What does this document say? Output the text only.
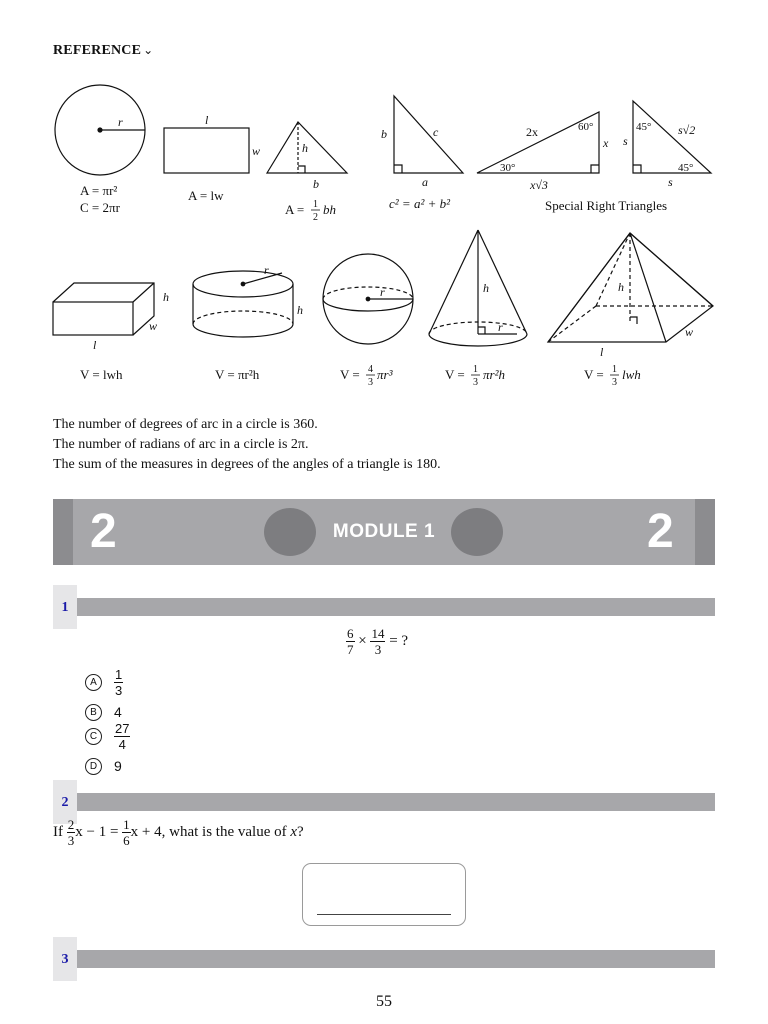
REFERENCE ⌄
r
A = πr²
C = 2πr
l
w
A = lw
h
b
A = 1
2
bh
b	c
a
c² = a² + b²
2x	60°
x
30°
x√3
45°
s
s√2
45°
s
Special Right Triangles
h
w
l
V = lwh
r
h
V = πr²h
r
V = 4
3
πr³
h
r
V = 1
3
πr²h
h
w
l
V = 1
3
lwh
The number of degrees of arc in a circle is 360.
The number of radians of arc in a circle is 2π.
The sum of the measures in degrees of the angles of a triangle is 180.
2	MODULE 1	2
1
$\frac{6}{7} \times \frac{14}{3}$ = ?
A $\frac{1}{3}$
B 4
C $\frac{27}{4}$
D 9
2
If $\frac{2}{3}$ $x - 1 = \frac{1}{6}$ x + 4, what is the value of x?
3
55
